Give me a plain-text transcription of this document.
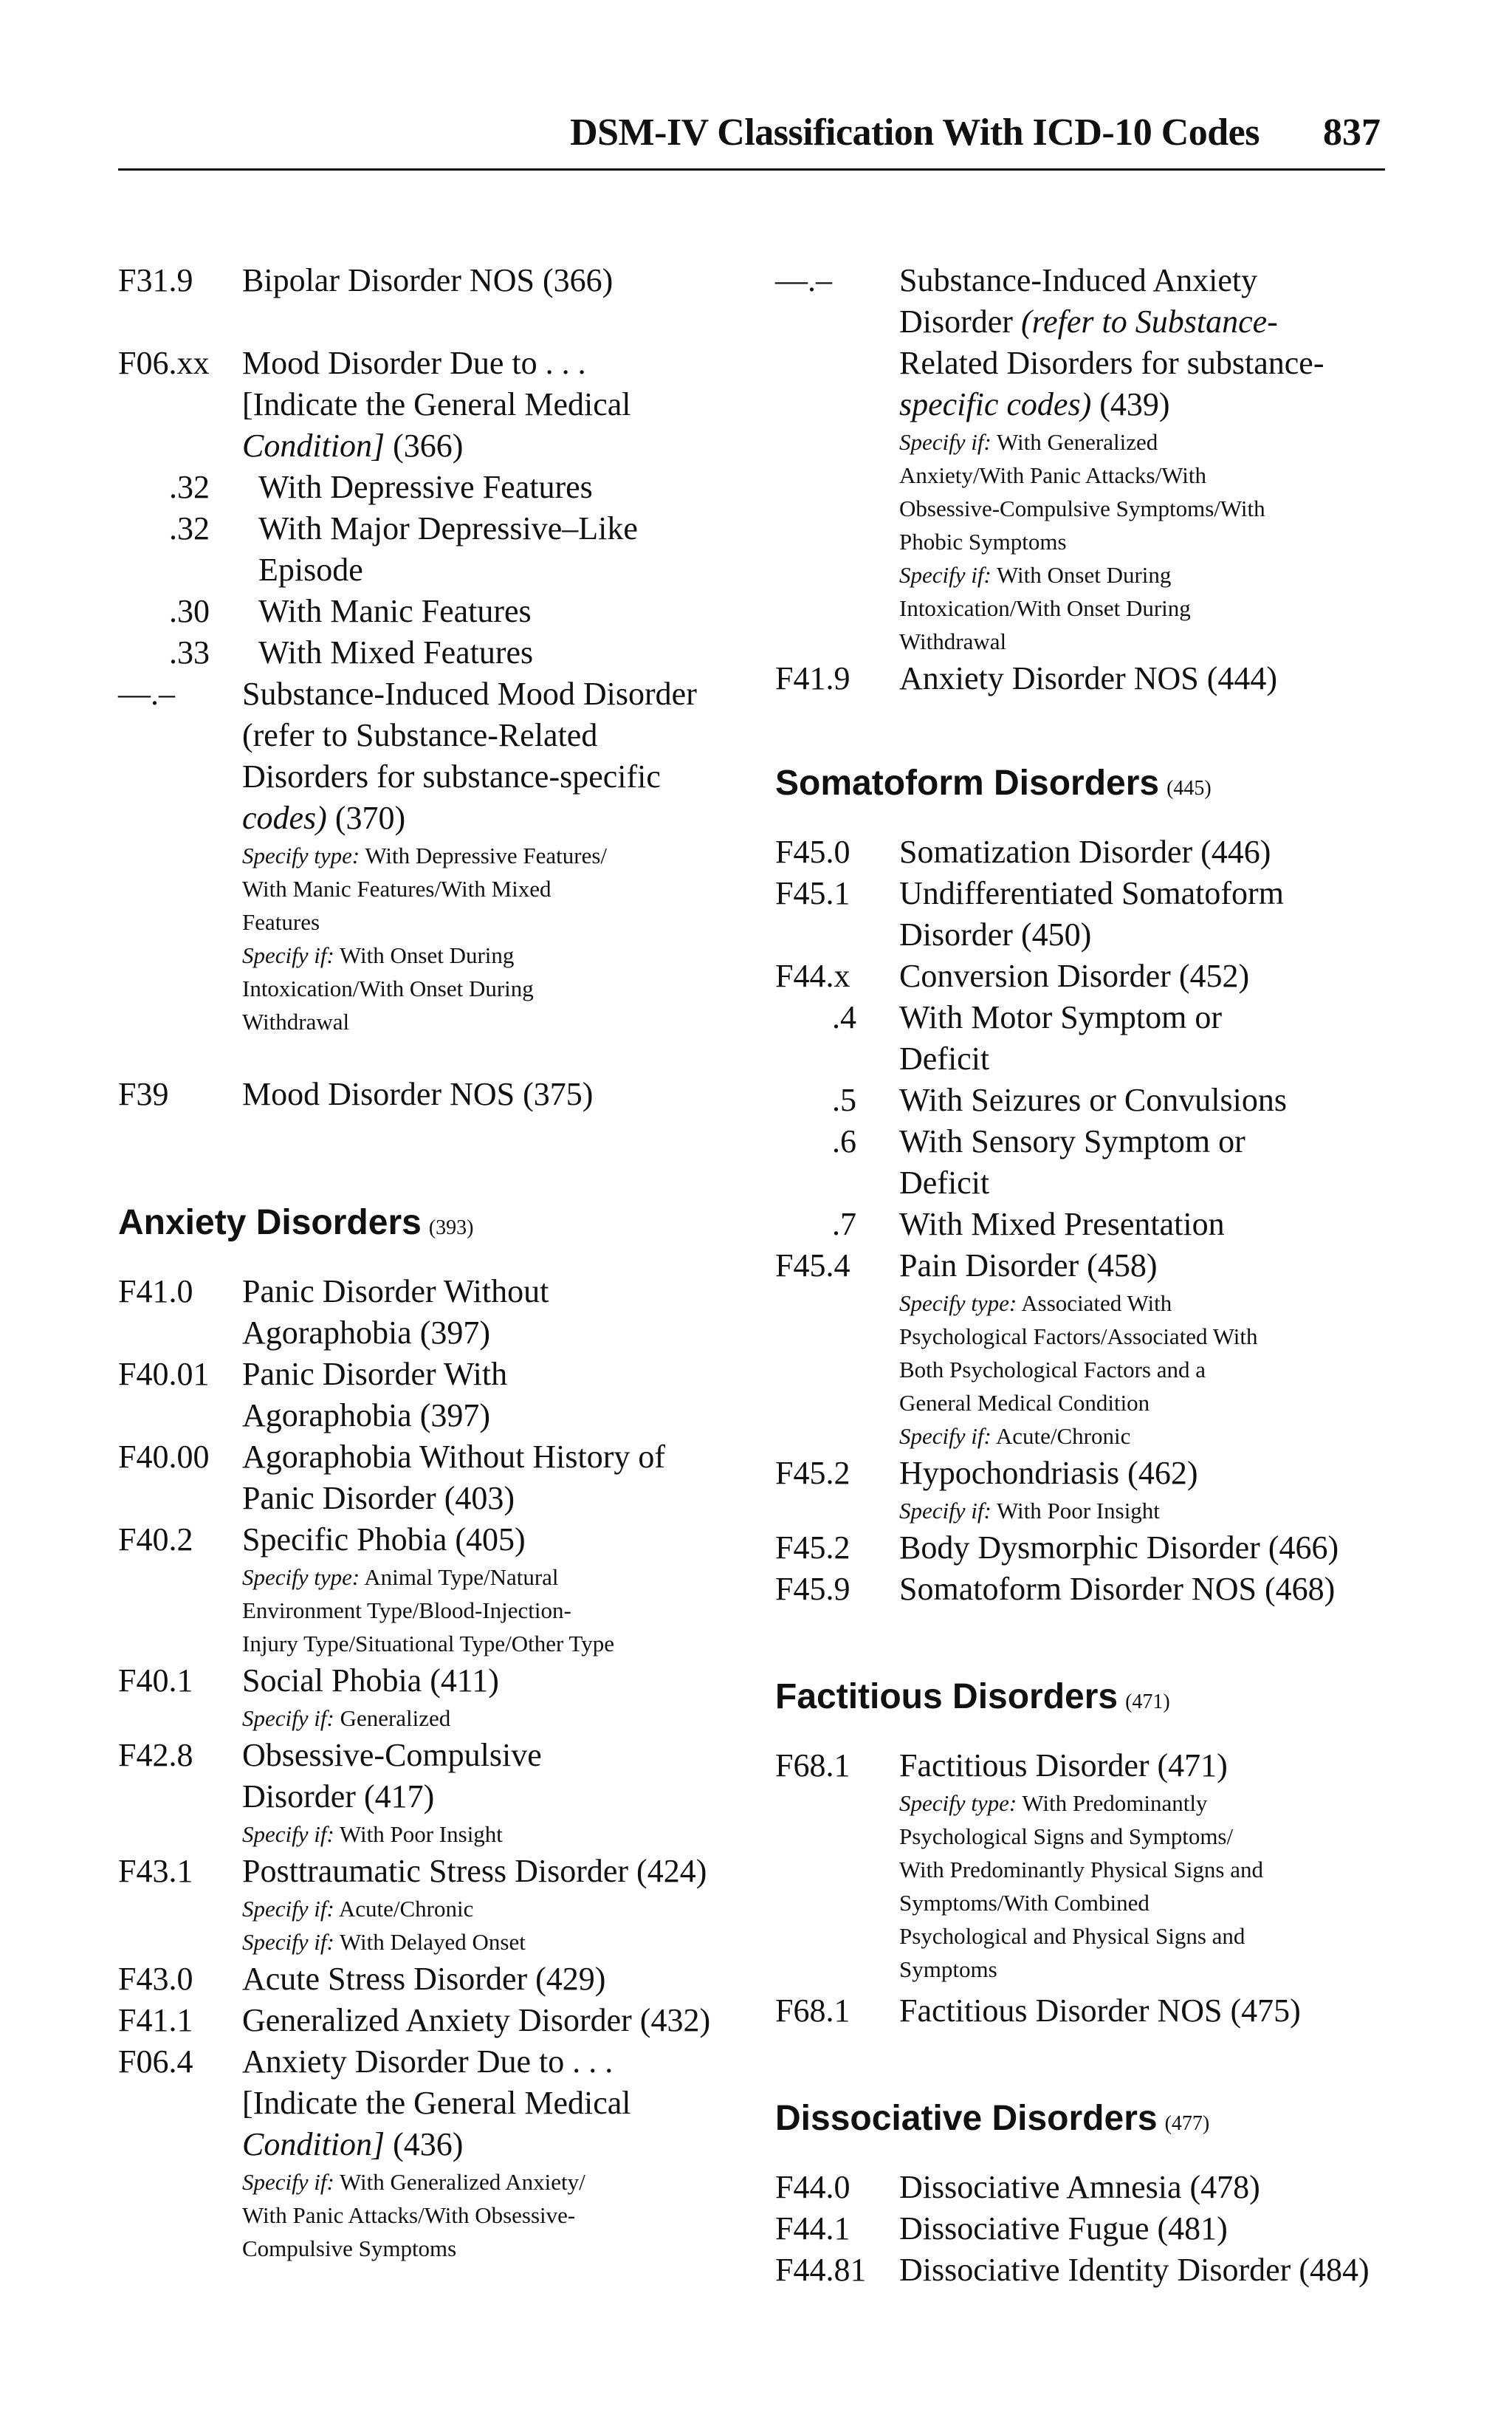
DSM-IV Classification With ICD-10 Codes 837
F31.9	Bipolar Disorder NOS (366)
F06.xx	Mood Disorder Due to . . .
[Indicate the General Medical
Condition] (366)
.32	With Depressive Features
.32	With Major Depressive–Like
Episode
.30	With Manic Features
.33	With Mixed Features
—.–	Substance-Induced Mood Disorder
(refer to Substance-Related
Disorders for substance-specific
codes) (370)
Specify type: With Depressive Features/
With Manic Features/With Mixed
Features
Specify if: With Onset During
Intoxication/With Onset During
Withdrawal
F39	Mood Disorder NOS (375)
Anxiety Disorders (393)
F41.0	Panic Disorder Without
Agoraphobia (397)
F40.01	Panic Disorder With
Agoraphobia (397)
F40.00	Agoraphobia Without History of
Panic Disorder (403)
F40.2	Specific Phobia (405)
Specify type: Animal Type/Natural
Environment Type/Blood-Injection-
Injury Type/Situational Type/Other Type
F40.1	Social Phobia (411)
Specify if: Generalized
F42.8	Obsessive-Compulsive
Disorder (417)
Specify if: With Poor Insight
F43.1	Posttraumatic Stress Disorder (424)
Specify if: Acute/Chronic
Specify if: With Delayed Onset
F43.0	Acute Stress Disorder (429)
F41.1	Generalized Anxiety Disorder (432)
F06.4	Anxiety Disorder Due to . . .
[Indicate the General Medical
Condition] (436)
Specify if: With Generalized Anxiety/
With Panic Attacks/With Obsessive-
Compulsive Symptoms
—.–	Substance-Induced Anxiety
Disorder (refer to Substance-
Related Disorders for substance-
specific codes) (439)
Specify if: With Generalized
Anxiety/With Panic Attacks/With
Obsessive-Compulsive Symptoms/With
Phobic Symptoms
Specify if: With Onset During
Intoxication/With Onset During
Withdrawal
F41.9	Anxiety Disorder NOS (444)
Somatoform Disorders (445)
F45.0	Somatization Disorder (446)
F45.1	Undifferentiated Somatoform
Disorder (450)
F44.x	Conversion Disorder (452)
.4 With Motor Symptom or
Deficit
.5 With Seizures or Convulsions
.6 With Sensory Symptom or
Deficit
.7 With Mixed Presentation
F45.4	Pain Disorder (458)
Specify type: Associated With
Psychological Factors/Associated With
Both Psychological Factors and a
General Medical Condition
Specify if: Acute/Chronic
F45.2	Hypochondriasis (462)
Specify if: With Poor Insight
F45.2	Body Dysmorphic Disorder (466)
F45.9	Somatoform Disorder NOS (468)
Factitious Disorders (471)
F68.1	Factitious Disorder (471)
Specify type: With Predominantly
Psychological Signs and Symptoms/
With Predominantly Physical Signs and
Symptoms/With Combined
Psychological and Physical Signs and
Symptoms
F68.1	Factitious Disorder NOS (475)
Dissociative Disorders (477)
F44.0	Dissociative Amnesia (478)
F44.1	Dissociative Fugue (481)
F44.81	Dissociative Identity Disorder (484)
